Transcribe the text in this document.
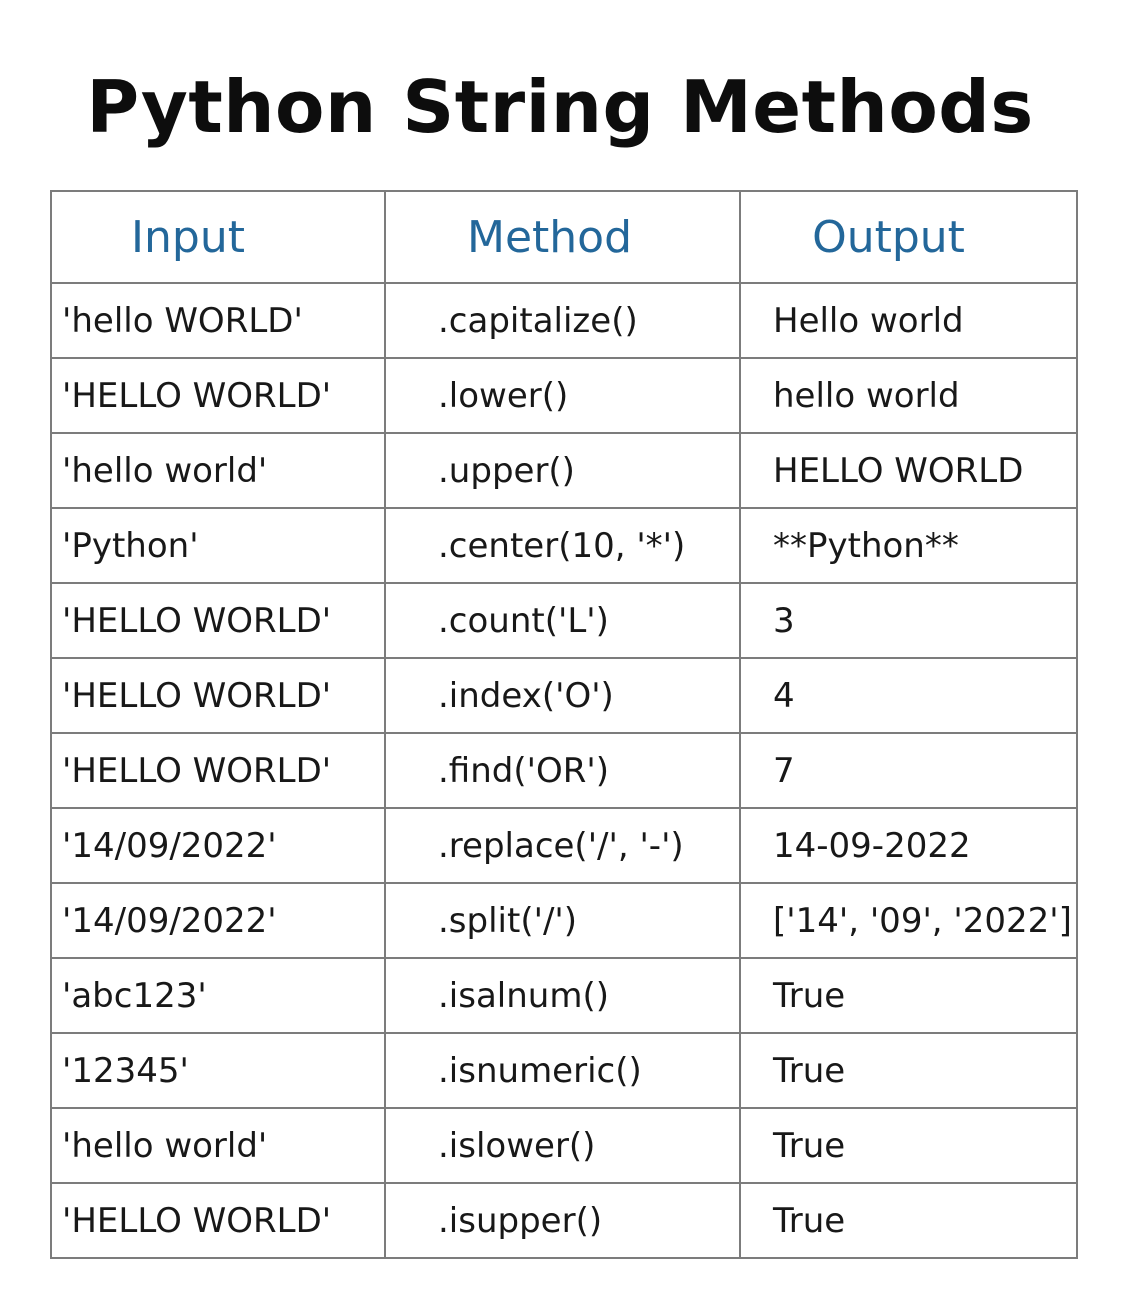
Python String Methods
Input	Method	Output
'hello WORLD'	.capitalize()	Hello world
'HELLO WORLD'	.lower()	hello world
'hello world'	.upper()	HELLO WORLD
'Python'	.center(10, '*')	**Python**
'HELLO WORLD'	.count('L')	3
'HELLO WORLD'	.index('O')	4
'HELLO WORLD'	.find('OR')	7
'14/09/2022'	.replace('/', '-')	14-09-2022
'14/09/2022'	.split('/')	['14', '09', '2022']
'abc123'	.isalnum()	True
'12345'	.isnumeric()	True
'hello world'	.islower()	True
'HELLO WORLD'	.isupper()	True
